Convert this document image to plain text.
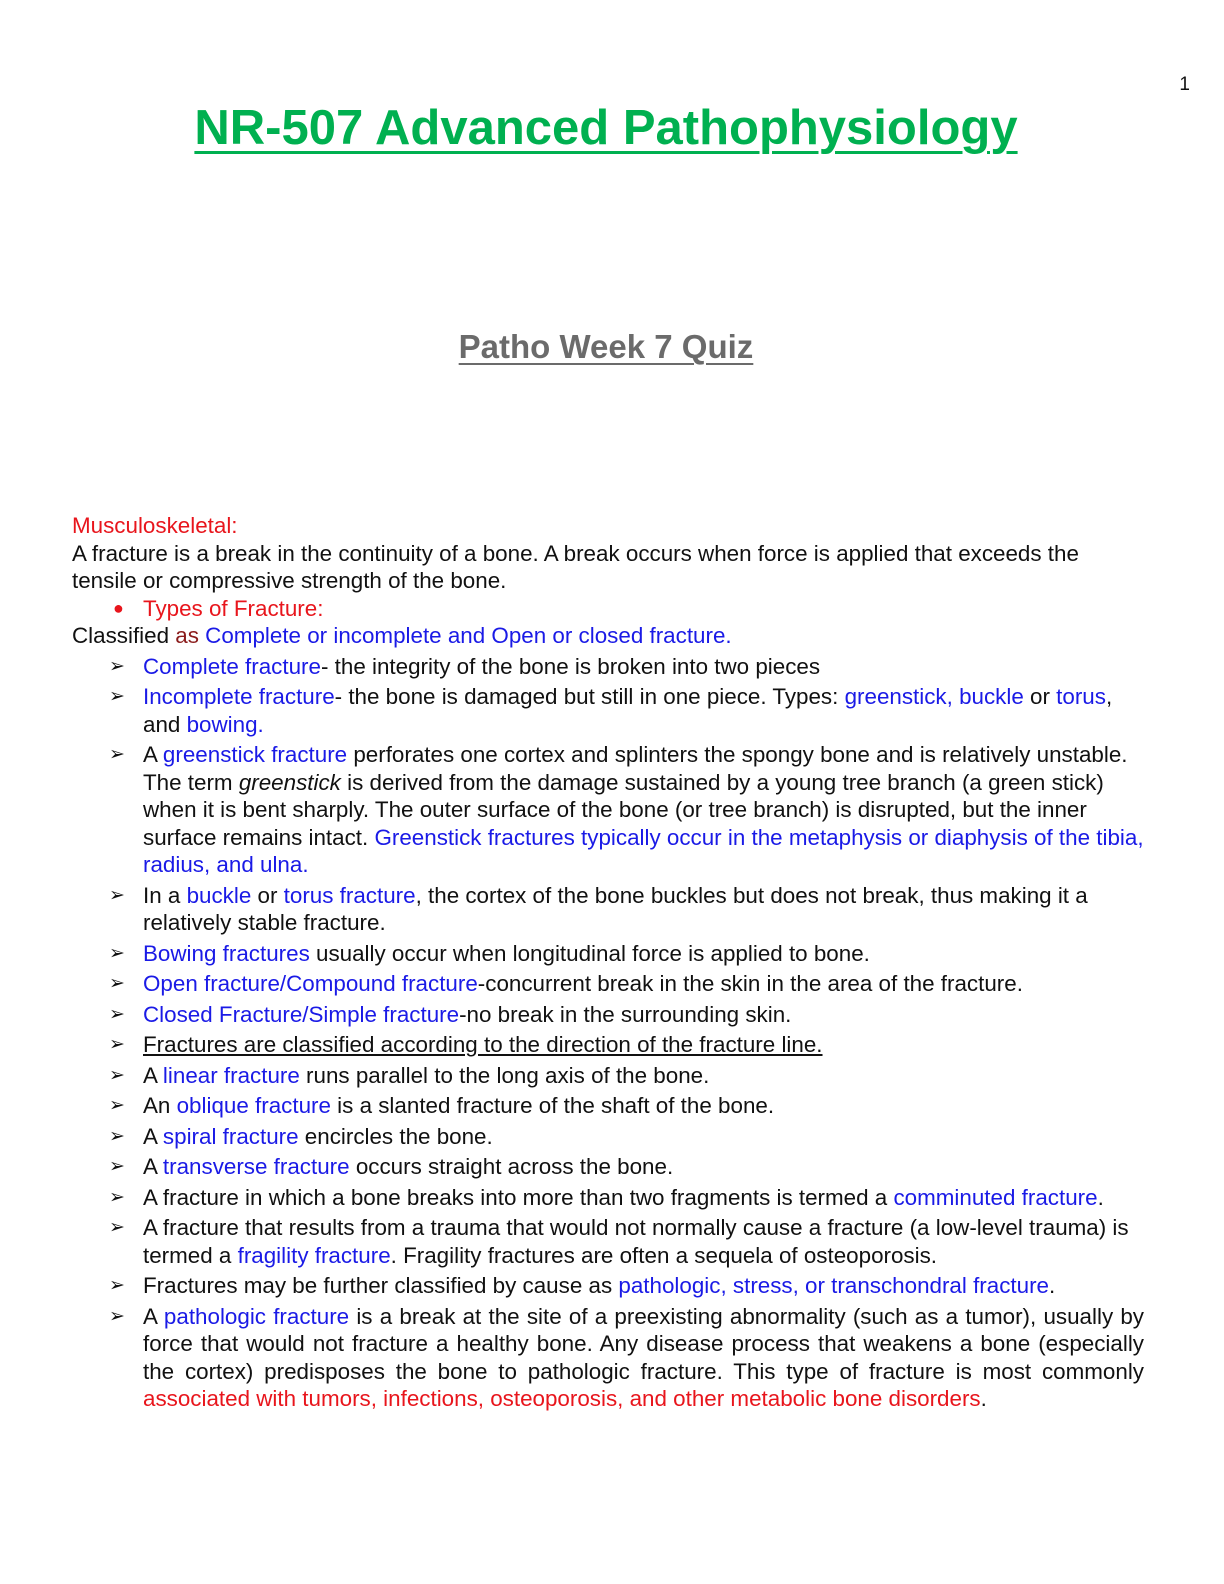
1
NR-507 Advanced Pathophysiology
Patho Week 7 Quiz

Musculoskeletal:

A fracture is a break in the continuity of a bone. A break occurs when force is applied that exceeds the tensile or compressive strength of the bone.

● Types of Fracture:

Classified as Complete or incomplete and Open or closed fracture.

➢ Complete fracture- the integrity of the bone is broken into two pieces
➢ Incomplete fracture- the bone is damaged but still in one piece. Types: greenstick, buckle or torus, and bowing.
➢ A greenstick fracture perforates one cortex and splinters the spongy bone and is relatively unstable. The term greenstick is derived from the damage sustained by a young tree branch (a green stick) when it is bent sharply. The outer surface of the bone (or tree branch) is disrupted, but the inner surface remains intact. Greenstick fractures typically occur in the metaphysis or diaphysis of the tibia, radius, and ulna.
➢ In a buckle or torus fracture, the cortex of the bone buckles but does not break, thus making it a relatively stable fracture.
➢ Bowing fractures usually occur when longitudinal force is applied to bone.
➢ Open fracture/Compound fracture-concurrent break in the skin in the area of the fracture.
➢ Closed Fracture/Simple fracture-no break in the surrounding skin.
➢ Fractures are classified according to the direction of the fracture line.
➢ A linear fracture runs parallel to the long axis of the bone.
➢ An oblique fracture is a slanted fracture of the shaft of the bone.
➢ A spiral fracture encircles the bone.
➢ A transverse fracture occurs straight across the bone.
➢ A fracture in which a bone breaks into more than two fragments is termed a comminuted fracture.
➢ A fracture that results from a trauma that would not normally cause a fracture (a low-level trauma) is termed a fragility fracture. Fragility fractures are often a sequela of osteoporosis.
➢ Fractures may be further classified by cause as pathologic, stress, or transchondral fracture.
➢ A pathologic fracture is a break at the site of a preexisting abnormality (such as a tumor), usually by force that would not fracture a healthy bone. Any disease process that weakens a bone (especially the cortex) predisposes the bone to pathologic fracture. This type of fracture is most commonly associated with tumors, infections, osteoporosis, and other metabolic bone disorders.
